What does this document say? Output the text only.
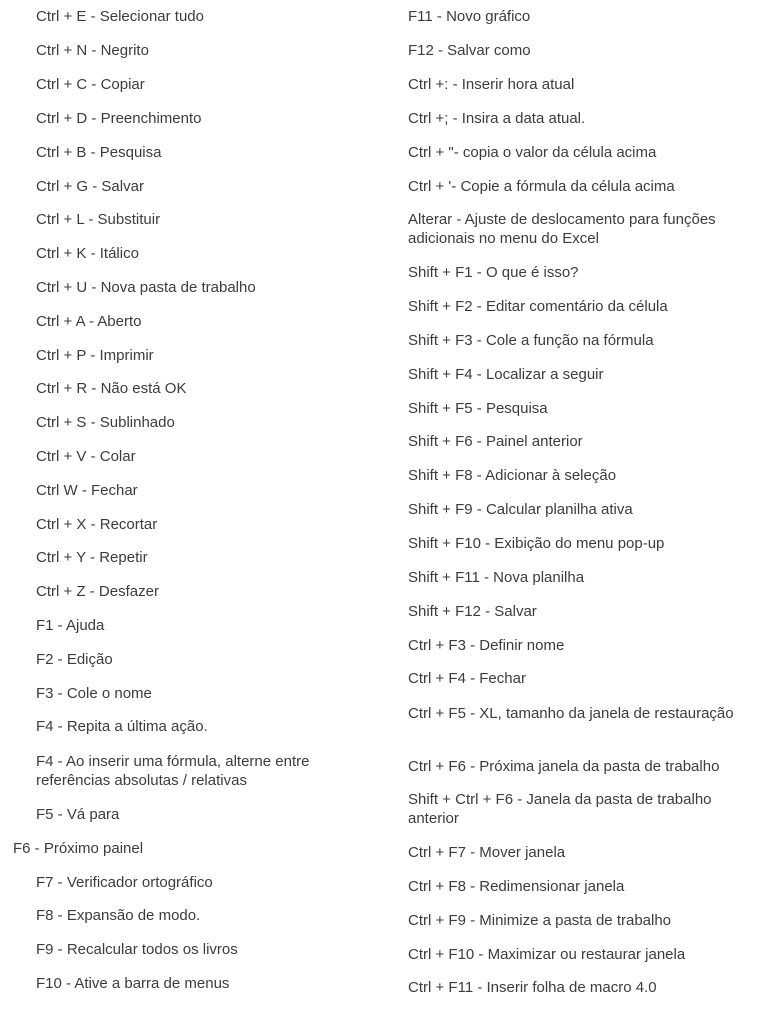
Ctrl + E - Selecionar tudo
Ctrl + N - Negrito
Ctrl + C - Copiar
Ctrl + D - Preenchimento
Ctrl + B - Pesquisa
Ctrl + G - Salvar
Ctrl + L - Substituir
Ctrl + K - Itálico
Ctrl + U - Nova pasta de trabalho
Ctrl + A - Aberto
Ctrl + P - Imprimir
Ctrl + R - Não está OK
Ctrl + S - Sublinhado
Ctrl + V - Colar
Ctrl W - Fechar
Ctrl + X - Recortar
Ctrl + Y - Repetir
Ctrl + Z - Desfazer
F1 - Ajuda
F2 - Edição
F3 - Cole o nome
F4 - Repita a última ação.
F4 - Ao inserir uma fórmula, alterne entre referências absolutas / relativas
F5 - Vá para
F6 - Próximo painel
F7 - Verificador ortográfico
F8 - Expansão de modo.
F9 - Recalcular todos os livros
F10 - Ative a barra de menus
F11 - Novo gráfico
F12 - Salvar como
Ctrl +: - Inserir hora atual
Ctrl +; - Insira a data atual.
Ctrl + "- copia o valor da célula acima
Ctrl + '- Copie a fórmula da célula acima
Alterar - Ajuste de deslocamento para funções adicionais no menu do Excel
Shift + F1 - O que é isso?
Shift + F2 - Editar comentário da célula
Shift + F3 - Cole a função na fórmula
Shift + F4 - Localizar a seguir
Shift + F5 - Pesquisa
Shift + F6 - Painel anterior
Shift + F8 - Adicionar à seleção
Shift + F9 - Calcular planilha ativa
Shift + F10 - Exibição do menu pop-up
Shift + F11 - Nova planilha
Shift + F12 - Salvar
Ctrl + F3 - Definir nome
Ctrl + F4 - Fechar
Ctrl + F5 - XL, tamanho da janela de restauração
Ctrl + F6 - Próxima janela da pasta de trabalho
Shift + Ctrl + F6 - Janela da pasta de trabalho anterior
Ctrl + F7 - Mover janela
Ctrl + F8 - Redimensionar janela
Ctrl + F9 - Minimize a pasta de trabalho
Ctrl + F10 - Maximizar ou restaurar janela
Ctrl + F11 - Inserir folha de macro 4.0
